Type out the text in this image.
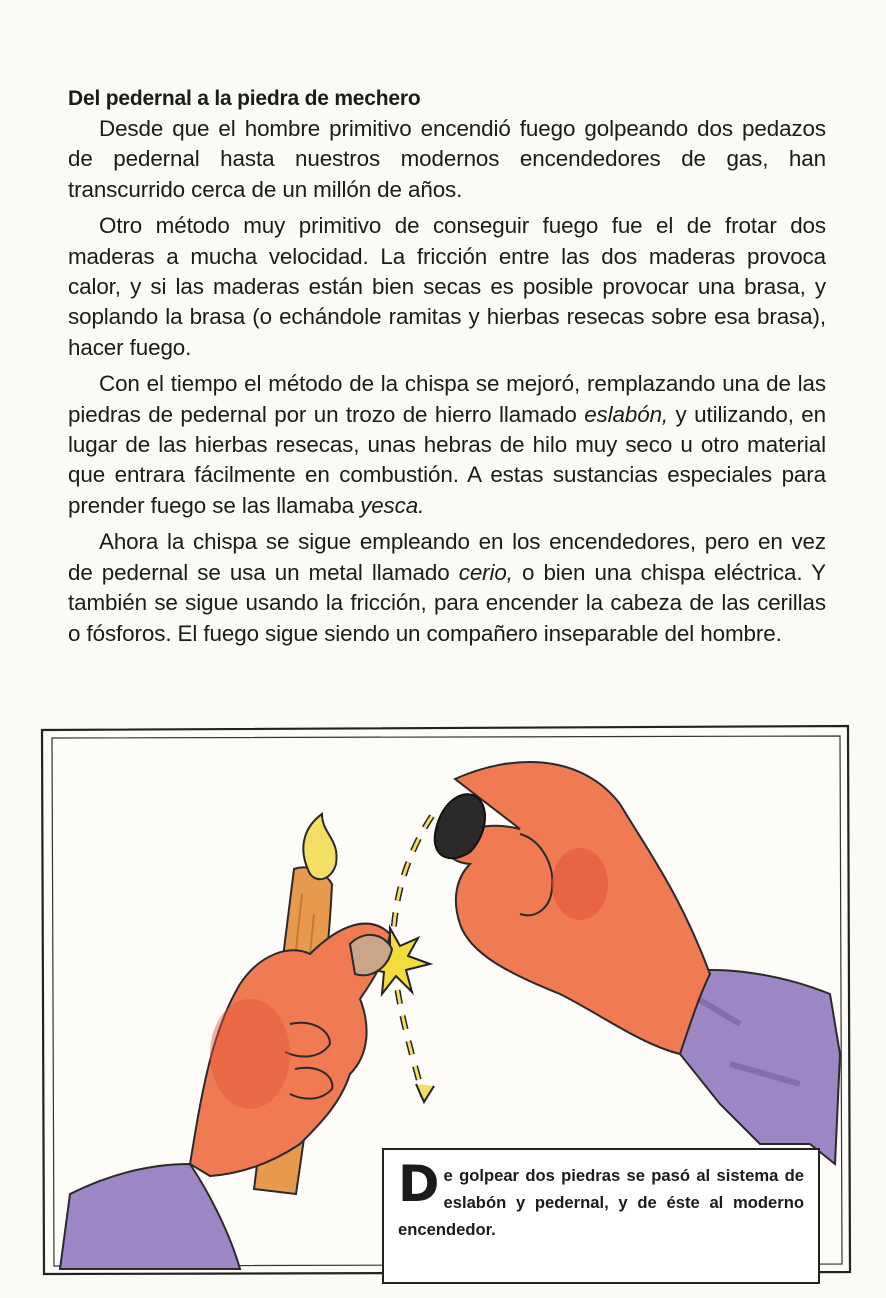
Del pedernal a la piedra de mechero

Desde que el hombre primitivo encendió fuego golpeando dos pedazos de pedernal hasta nuestros modernos encendedores de gas, han transcurrido cerca de un millón de años.

Otro método muy primitivo de conseguir fuego fue el de frotar dos maderas a mucha velocidad. La fricción entre las dos maderas provoca calor, y si las maderas están bien secas es posible provocar una brasa, y soplando la brasa (o echándole ramitas y hierbas resecas sobre esa brasa), hacer fuego.

Con el tiempo el método de la chispa se mejoró, remplazando una de las piedras de pedernal por un trozo de hierro llamado eslabón, y utilizando, en lugar de las hierbas resecas, unas hebras de hilo muy seco u otro material que entrara fácilmente en combustión. A estas sustancias especiales para prender fuego se las llamaba yesca.

Ahora la chispa se sigue empleando en los encendedores, pero en vez de pedernal se usa un metal llamado cerio, o bien una chispa eléctrica. Y también se sigue usando la fricción, para encender la cabeza de las cerillas o fósforos. El fuego sigue siendo un compañero inseparable del hombre.

De golpear dos piedras se pasó al sistema de eslabón y pedernal, y de éste al moderno encendedor.
